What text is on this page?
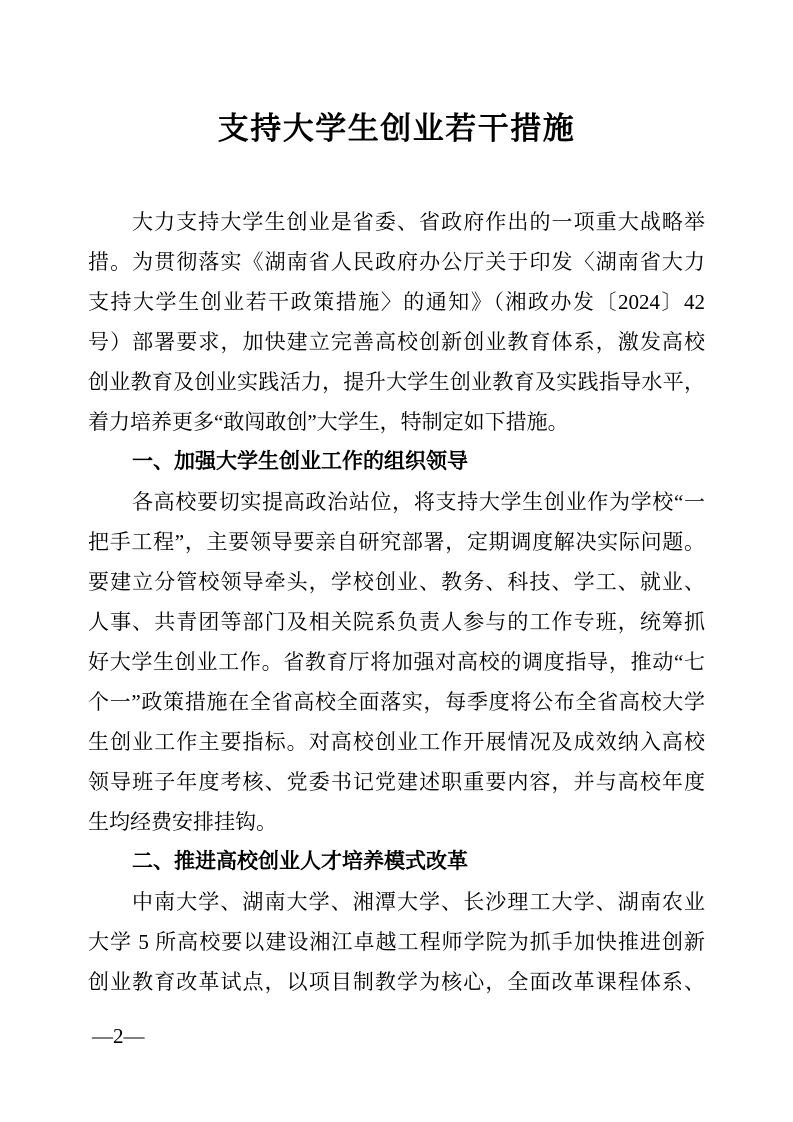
支持大学生创业若干措施
大力支持大学生创业是省委、省政府作出的一项重大战略举
措。为贯彻落实《湖南省人民政府办公厅关于印发〈湖南省大力
支持大学生创业若干政策措施〉的通知》（湘政办发〔2024〕42
号）部署要求，加快建立完善高校创新创业教育体系，激发高校
创业教育及创业实践活力，提升大学生创业教育及实践指导水平，
着力培养更多“敢闯敢创”大学生，特制定如下措施。
一、加强大学生创业工作的组织领导
各高校要切实提高政治站位，将支持大学生创业作为学校“一
把手工程”，主要领导要亲自研究部署，定期调度解决实际问题。
要建立分管校领导牵头，学校创业、教务、科技、学工、就业、
人事、共青团等部门及相关院系负责人参与的工作专班，统筹抓
好大学生创业工作。省教育厅将加强对高校的调度指导，推动“七
个一”政策措施在全省高校全面落实，每季度将公布全省高校大学
生创业工作主要指标。对高校创业工作开展情况及成效纳入高校
领导班子年度考核、党委书记党建述职重要内容，并与高校年度
生均经费安排挂钩。
二、推进高校创业人才培养模式改革
中南大学、湖南大学、湘潭大学、长沙理工大学、湖南农业
大学 5 所高校要以建设湘江卓越工程师学院为抓手加快推进创新
创业教育改革试点，以项目制教学为核心，全面改革课程体系、
—2—
